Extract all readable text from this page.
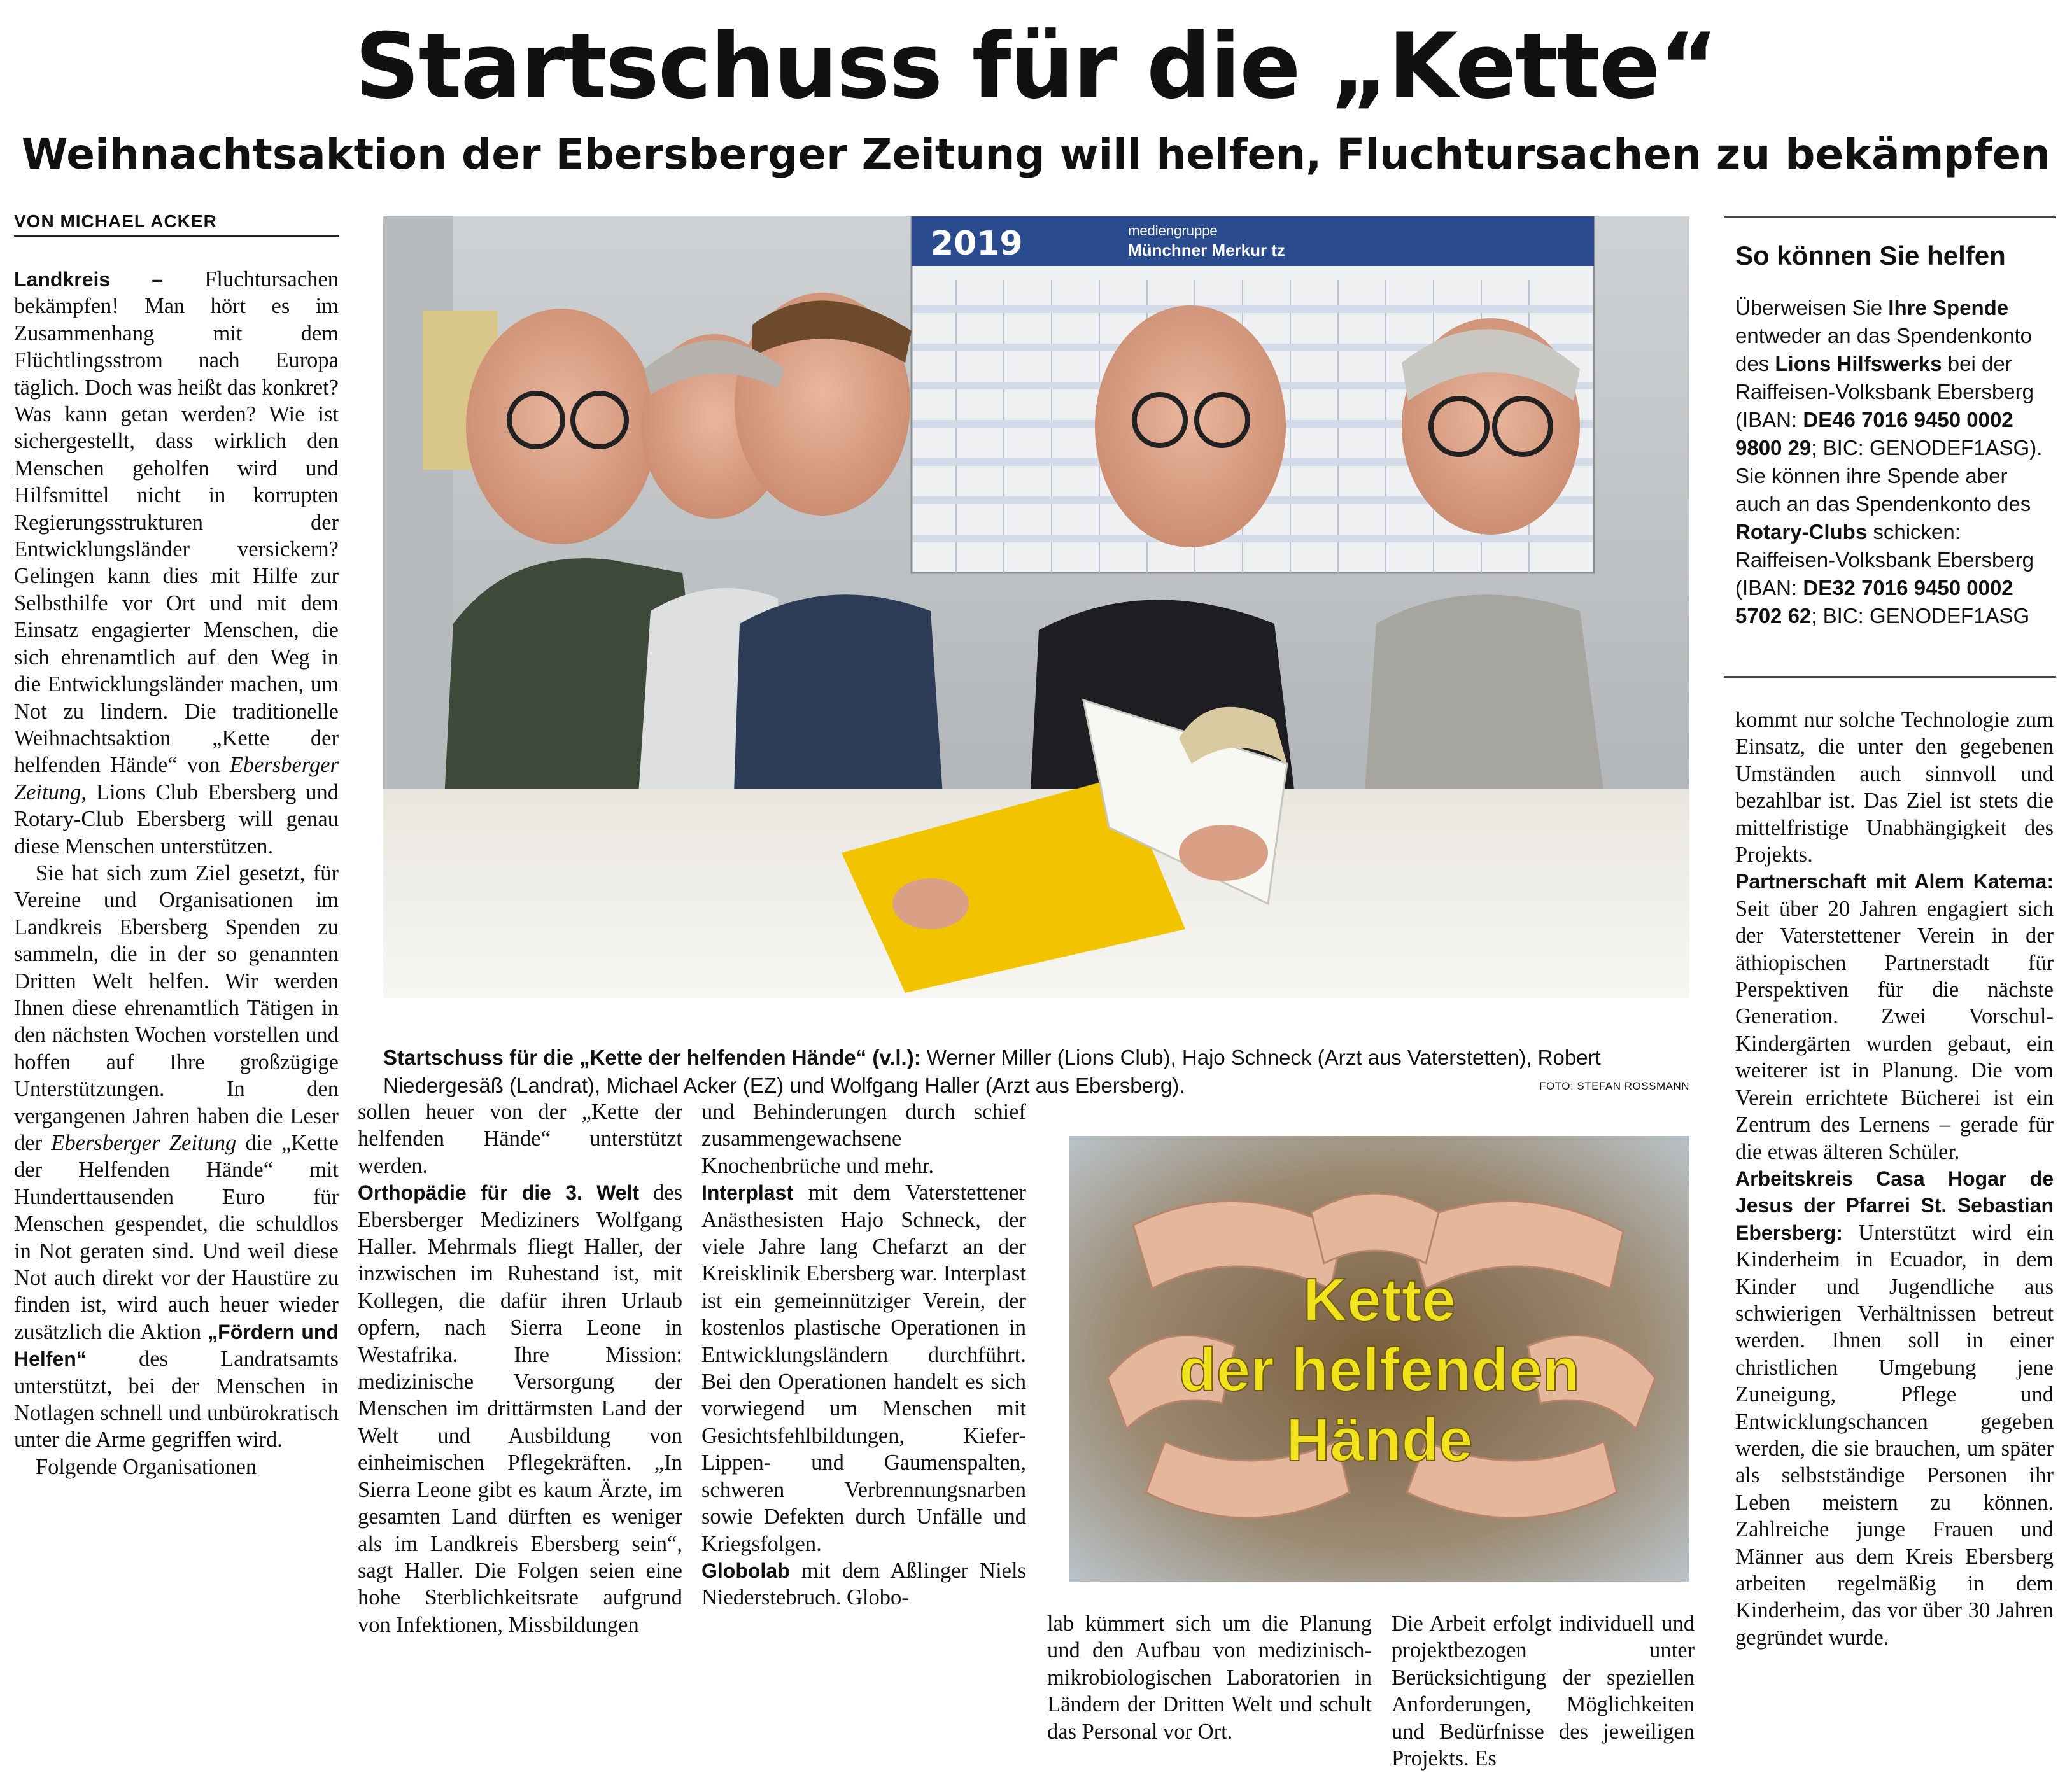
Startschuss für die „Kette“
Weihnachtsaktion der Ebersberger Zeitung will helfen, Fluchtursachen zu bekämpfen
VON MICHAEL ACKER

Landkreis – Fluchtursachen bekämpfen! Man hört es im Zusammenhang mit dem Flüchtlingsstrom nach Europa täglich. Doch was heißt das konkret? Was kann getan werden? Wie ist sichergestellt, dass wirklich den Menschen geholfen wird und Hilfsmittel nicht in korrupten Regierungsstrukturen der Entwicklungsländer versickern? Gelingen kann dies mit Hilfe zur Selbsthilfe vor Ort und mit dem Einsatz engagierter Menschen, die sich ehrenamtlich auf den Weg in die Entwicklungsländer machen, um Not zu lindern. Die traditionelle Weihnachtsaktion „Kette der helfenden Hände“ von Ebersberger Zeitung, Lions Club Ebersberg und Rotary-Club Ebersberg will genau diese Menschen unterstützen.

Sie hat sich zum Ziel gesetzt, für Vereine und Organisationen im Landkreis Ebersberg Spenden zu sammeln, die in der so genannten Dritten Welt helfen. Wir werden Ihnen diese ehrenamtlich Tätigen in den nächsten Wochen vorstellen und hoffen auf Ihre großzügige Unterstützungen. In den vergangenen Jahren haben die Leser der Ebersberger Zeitung die „Kette der Helfenden Hände“ mit Hunderttausenden Euro für Menschen gespendet, die schuldlos in Not geraten sind. Und weil diese Not auch direkt vor der Haustüre zu finden ist, wird auch heuer wieder zusätzlich die Aktion „Fördern und Helfen“ des Landratsamts unterstützt, bei der Menschen in Notlagen schnell und unbürokratisch unter die Arme gegriffen wird.

Folgende Organisationen

sollen heuer von der „Kette der helfenden Hände“ unterstützt werden.

Orthopädie für die 3. Welt des Ebersberger Mediziners Wolfgang Haller. Mehrmals fliegt Haller, der inzwischen im Ruhestand ist, mit Kollegen, die dafür ihren Urlaub opfern, nach Sierra Leone in Westafrika. Ihre Mission: medizinische Versorgung der Menschen im drittärmsten Land der Welt und Ausbildung von einheimischen Pflegekräften. „In Sierra Leone gibt es kaum Ärzte, im gesamten Land dürften es weniger als im Landkreis Ebersberg sein“, sagt Haller. Die Folgen seien eine hohe Sterblichkeitsrate aufgrund von Infektionen, Missbildungen

und Behinderungen durch schief zusammengewachsene Knochenbrüche und mehr.

Interplast mit dem Vaterstettener Anästhesisten Hajo Schneck, der viele Jahre lang Chefarzt an der Kreisklinik Ebersberg war. Interplast ist ein gemeinnütziger Verein, der kostenlos plastische Operationen in Entwicklungsländern durchführt. Bei den Operationen handelt es sich vorwiegend um Menschen mit Gesichtsfehlbildungen, Kiefer- Lippen- und Gaumenspalten, schweren Verbrennungsnarben sowie Defekten durch Unfälle und Kriegsfolgen.

Globolab mit dem Aßlinger Niels Niederstebruch. Globo-

lab kümmert sich um die Planung und den Aufbau von medizinisch-mikrobiologischen Laboratorien in Ländern der Dritten Welt und schult das Personal vor Ort.

Die Arbeit erfolgt individuell und projektbezogen unter Berücksichtigung der speziellen Anforderungen, Möglichkeiten und Bedürfnisse des jeweiligen Projekts. Es

kommt nur solche Technologie zum Einsatz, die unter den gegebenen Umständen auch sinnvoll und bezahlbar ist. Das Ziel ist stets die mittelfristige Unabhängigkeit des Projekts.

Partnerschaft mit Alem Katema: Seit über 20 Jahren engagiert sich der Vaterstettener Verein in der äthiopischen Partnerstadt für Perspektiven für die nächste Generation. Zwei Vorschul-Kindergärten wurden gebaut, ein weiterer ist in Planung. Die vom Verein errichtete Bücherei ist ein Zentrum des Lernens – gerade für die etwas älteren Schüler.

Arbeitskreis Casa Hogar de Jesus der Pfarrei St. Sebastian Ebersberg: Unterstützt wird ein Kinderheim in Ecuador, in dem Kinder und Jugendliche aus schwierigen Verhältnissen betreut werden. Ihnen soll in einer christlichen Umgebung jene Zuneigung, Pflege und Entwicklungschancen gegeben werden, die sie brauchen, um später als selbstständige Personen ihr Leben meistern zu können. Zahlreiche junge Frauen und Männer aus dem Kreis Ebersberg arbeiten regelmäßig in dem Kinderheim, das vor über 30 Jahren gegründet wurde.

2019	mediengruppe
Münchner Merkur tz
Startschuss für die „Kette der helfenden Hände“ (v.l.): Werner Miller (Lions Club), Hajo Schneck (Arzt aus Vaterstetten), Robert Niedergesäß (Landrat), Michael Acker (EZ) und Wolfgang Haller (Arzt aus Ebersberg).	FOTO: STEFAN ROSSMANN
Kette
der helfenden
Hände
So können Sie helfen
Überweisen Sie Ihre Spende entweder an das Spendenkonto des Lions Hilfswerks bei der Raiffeisen-Volksbank Ebersberg (IBAN: DE46 7016 9450 0002 9800 29; BIC: GENODEF1ASG). Sie können ihre Spende aber auch an das Spendenkonto des Rotary-Clubs schicken: Raiffeisen-Volksbank Ebersberg (IBAN: DE32 7016 9450 0002 5702 62; BIC: GENODEF1ASG
